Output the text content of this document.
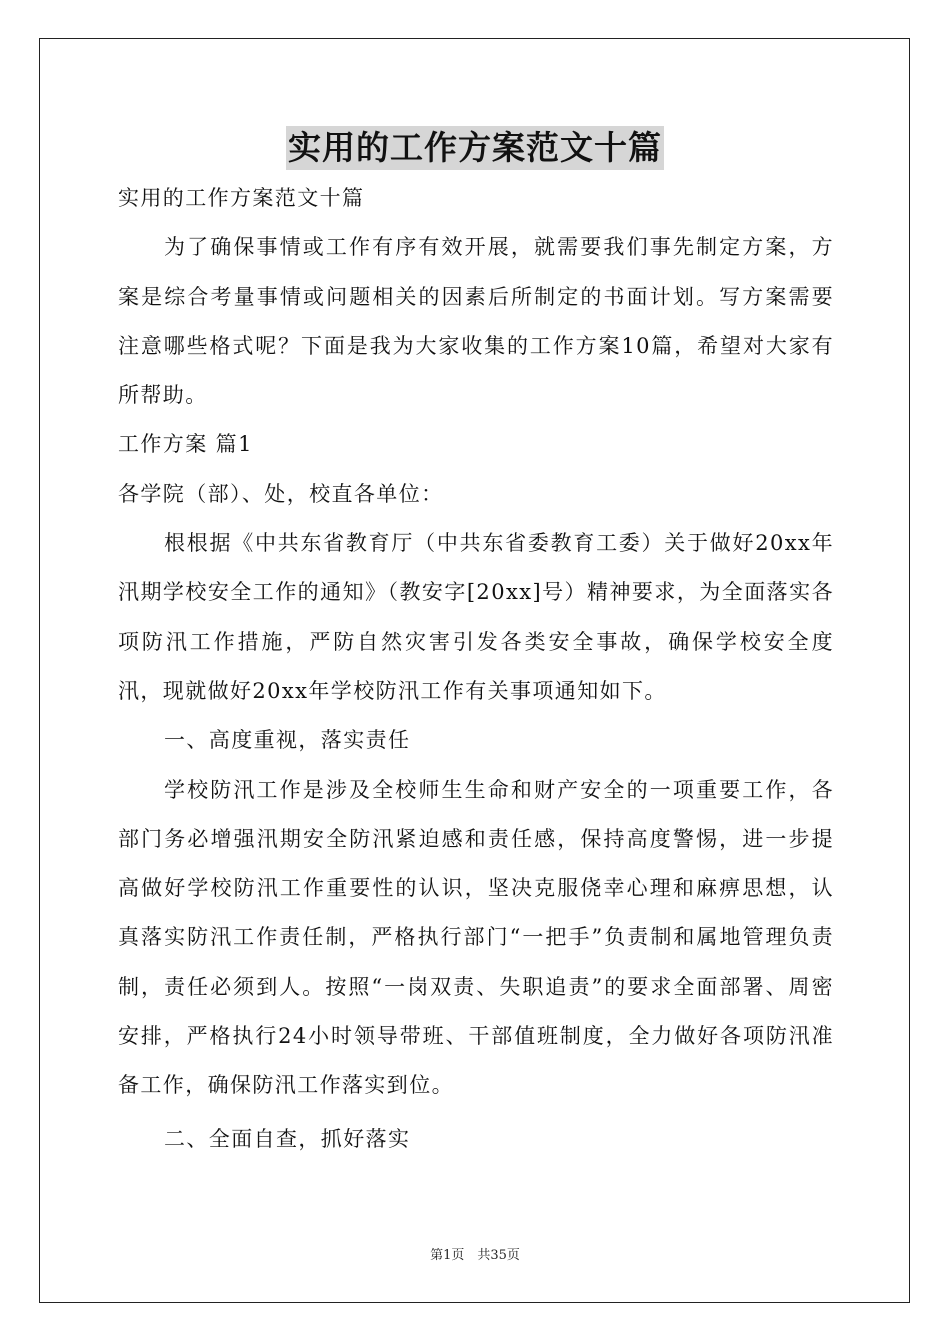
实用的工作方案范文十篇

实用的工作方案范文十篇

为了确保事情或工作有序有效开展，就需要我们事先制定方案，方案是综合考量事情或问题相关的因素后所制定的书面计划。写方案需要注意哪些格式呢？下面是我为大家收集的工作方案10篇，希望对大家有所帮助。

工作方案 篇1

各学院（部）、处，校直各单位：

根根据《中共东省教育厅（中共东省委教育工委）关于做好20xx年汛期学校安全工作的通知》（教安字[20xx]号）精神要求，为全面落实各项防汛工作措施，严防自然灾害引发各类安全事故，确保学校安全度汛，现就做好20xx年学校防汛工作有关事项通知如下。

一、高度重视，落实责任

学校防汛工作是涉及全校师生生命和财产安全的一项重要工作，各部门务必增强汛期安全防汛紧迫感和责任感，保持高度警惕，进一步提高做好学校防汛工作重要性的认识，坚决克服侥幸心理和麻痹思想，认真落实防汛工作责任制，严格执行部门“一把手”负责制和属地管理负责制，责任必须到人。按照“一岗双责、失职追责”的要求全面部署、周密安排，严格执行24小时领导带班、干部值班制度，全力做好各项防汛准备工作，确保防汛工作落实到位。

二、全面自查，抓好落实

第1页　共35页
